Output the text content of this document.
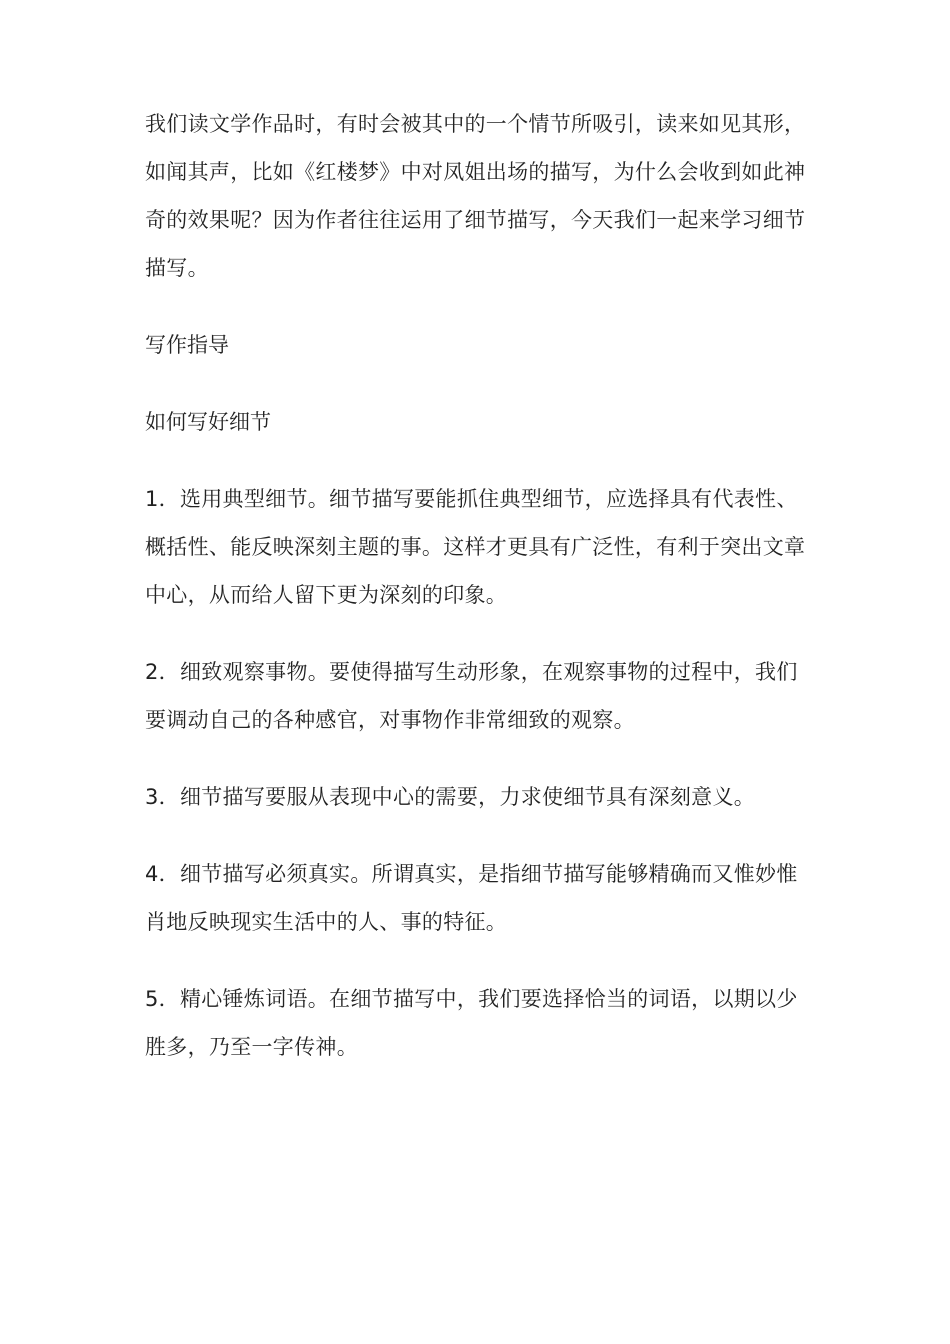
我们读文学作品时，有时会被其中的一个情节所吸引，读来如见其形，
如闻其声，比如《红楼梦》中对凤姐出场的描写，为什么会收到如此神
奇的效果呢？因为作者往往运用了细节描写，今天我们一起来学习细节
描写。

写作指导

如何写好细节

1．选用典型细节。细节描写要能抓住典型细节，应选择具有代表性、
概括性、能反映深刻主题的事。这样才更具有广泛性，有利于突出文章
中心，从而给人留下更为深刻的印象。

2．细致观察事物。要使得描写生动形象，在观察事物的过程中，我们
要调动自己的各种感官，对事物作非常细致的观察。

3．细节描写要服从表现中心的需要，力求使细节具有深刻意义。

4．细节描写必须真实。所谓真实，是指细节描写能够精确而又惟妙惟
肖地反映现实生活中的人、事的特征。

5．精心锤炼词语。在细节描写中，我们要选择恰当的词语，以期以少
胜多，乃至一字传神。
